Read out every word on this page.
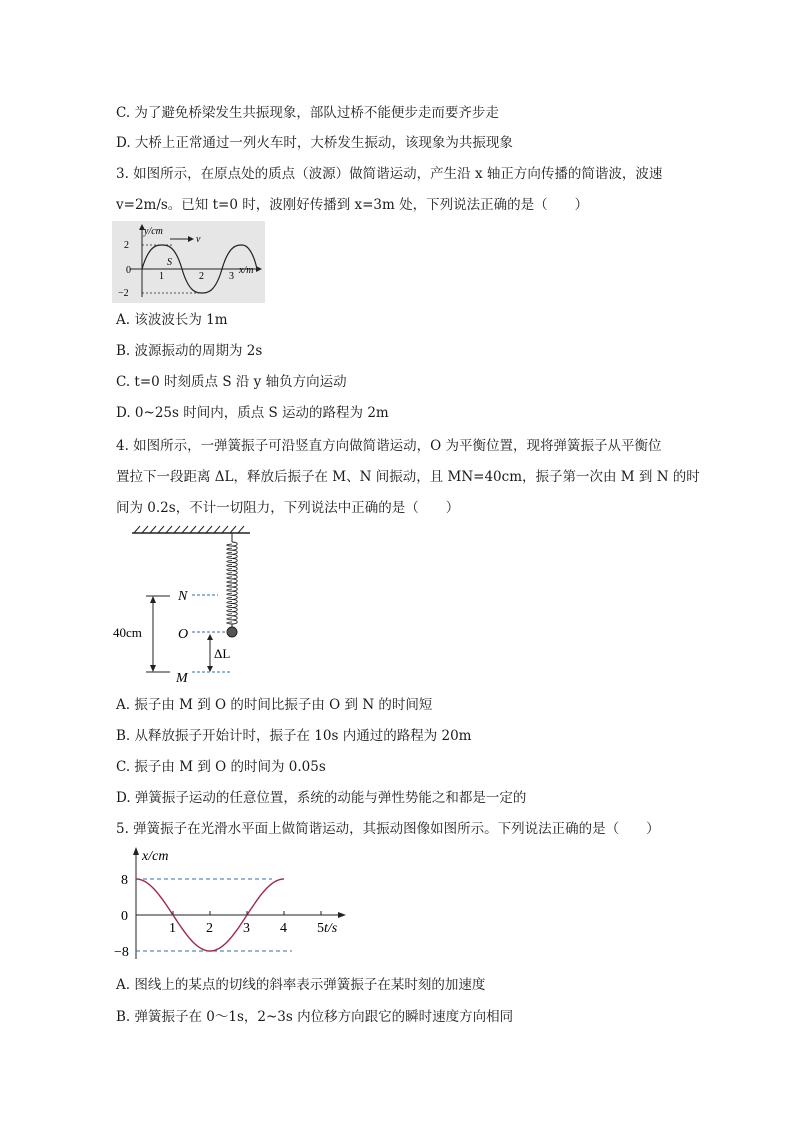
C. 为了避免桥梁发生共振现象，部队过桥不能便步走而要齐步走
D. 大桥上正常通过一列火车时，大桥发生振动，该现象为共振现象
3. 如图所示，在原点处的质点（波源）做简谐运动，产生沿 x 轴正方向传播的简谐波，波速
v=2m/s。已知 t=0 时，波刚好传播到 x=3m 处，下列说法正确的是（　　）
y/cm
v
x/m
2
0
−2
1	2	3
S
A. 该波波长为 1m
B. 波源振动的周期为 2s
C. t=0 时刻质点 S 沿 y 轴负方向运动
D. 0~25s 时间内，质点 S 运动的路程为 2m
4. 如图所示，一弹簧振子可沿竖直方向做简谐运动，O 为平衡位置，现将弹簧振子从平衡位
置拉下一段距离 ΔL，释放后振子在 M、N 间振动，且 MN=40cm，振子第一次由 M 到 N 的时
间为 0.2s，不计一切阻力，下列说法中正确的是（　　）
N
O
M
40cm
ΔL
A. 振子由 M 到 O 的时间比振子由 O 到 N 的时间短
B. 从释放振子开始计时，振子在 10s 内通过的路程为 20m
C. 振子由 M 到 O 的时间为 0.05s
D. 弹簧振子运动的任意位置，系统的动能与弹性势能之和都是一定的
5. 弹簧振子在光滑水平面上做简谐运动，其振动图像如图所示。下列说法正确的是（　　）
1 2 3 4 5
x/cm
t/s
8
0
−8
A. 图线上的某点的切线的斜率表示弹簧振子在某时刻的加速度
B. 弹簧振子在 0～1s，2~3s 内位移方向跟它的瞬时速度方向相同
